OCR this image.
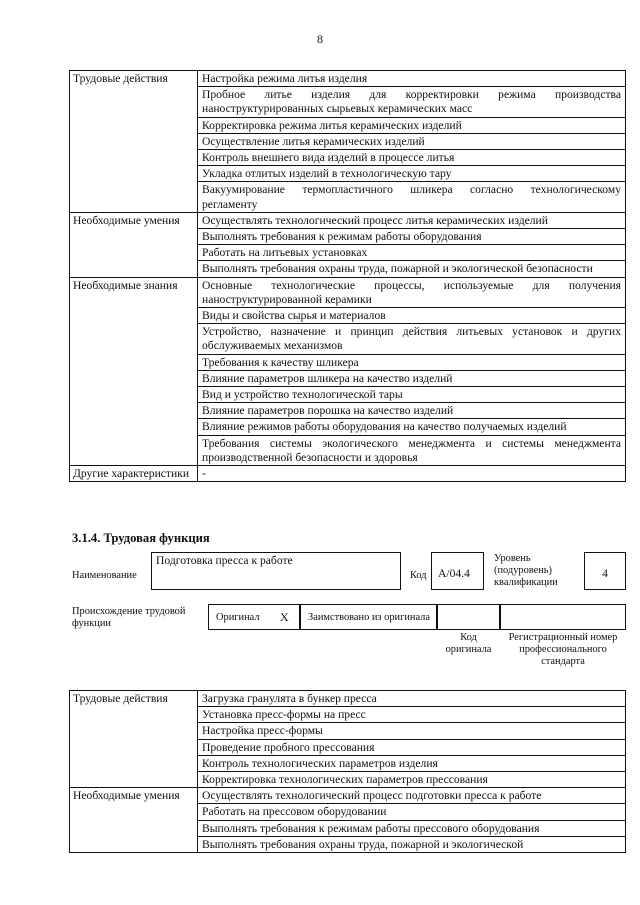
8
Трудовые действия	Настройка режима литья изделия
	Пробное литье изделия для корректировки режима производства наноструктурированных сырьевых керамических масс
	Корректировка режима литья керамических изделий
	Осуществление литья керамических изделий
	Контроль внешнего вида изделий в процессе литья
	Укладка отлитых изделий в технологическую тару
	Вакуумирование термопластичного шликера согласно технологическому регламенту
Необходимые умения	Осуществлять технологический процесс литья керамических изделий
	Выполнять требования к режимам работы оборудования
	Работать на литьевых установках
	Выполнять требования охраны труда, пожарной и экологической безопасности
Необходимые знания	Основные технологические процессы, используемые для получения наноструктурированной керамики
	Виды и свойства сырья и материалов
	Устройство, назначение и принцип действия литьевых установок и других обслуживаемых механизмов
	Требования к качеству шликера
	Влияние параметров шликера на качество изделий
	Вид и устройство технологической тары
	Влияние параметров порошка на качество изделий
	Влияние режимов работы оборудования на качество получаемых изделий
	Требования системы экологического менеджмента и системы менеджмента производственной безопасности и здоровья
Другие характеристики	-
3.1.4. Трудовая функция
Наименование
Подготовка пресса к работе
Код A/04.4
Уровень (подуровень) квалификации
4
Происхождение трудовой функции
Оригинал X Заимствовано из оригинала
Код оригинала
Регистрационный номер профессионального стандарта
Трудовые действия	Загрузка гранулята в бункер пресса
	Установка пресс-формы на пресс
	Настройка пресс-формы
	Проведение пробного прессования
	Контроль технологических параметров изделия
	Корректировка технологических параметров прессования
Необходимые умения	Осуществлять технологический процесс подготовки пресса к работе
	Работать на прессовом оборудовании
	Выполнять требования к режимам работы прессового оборудования
	Выполнять требования охраны труда, пожарной и экологической
